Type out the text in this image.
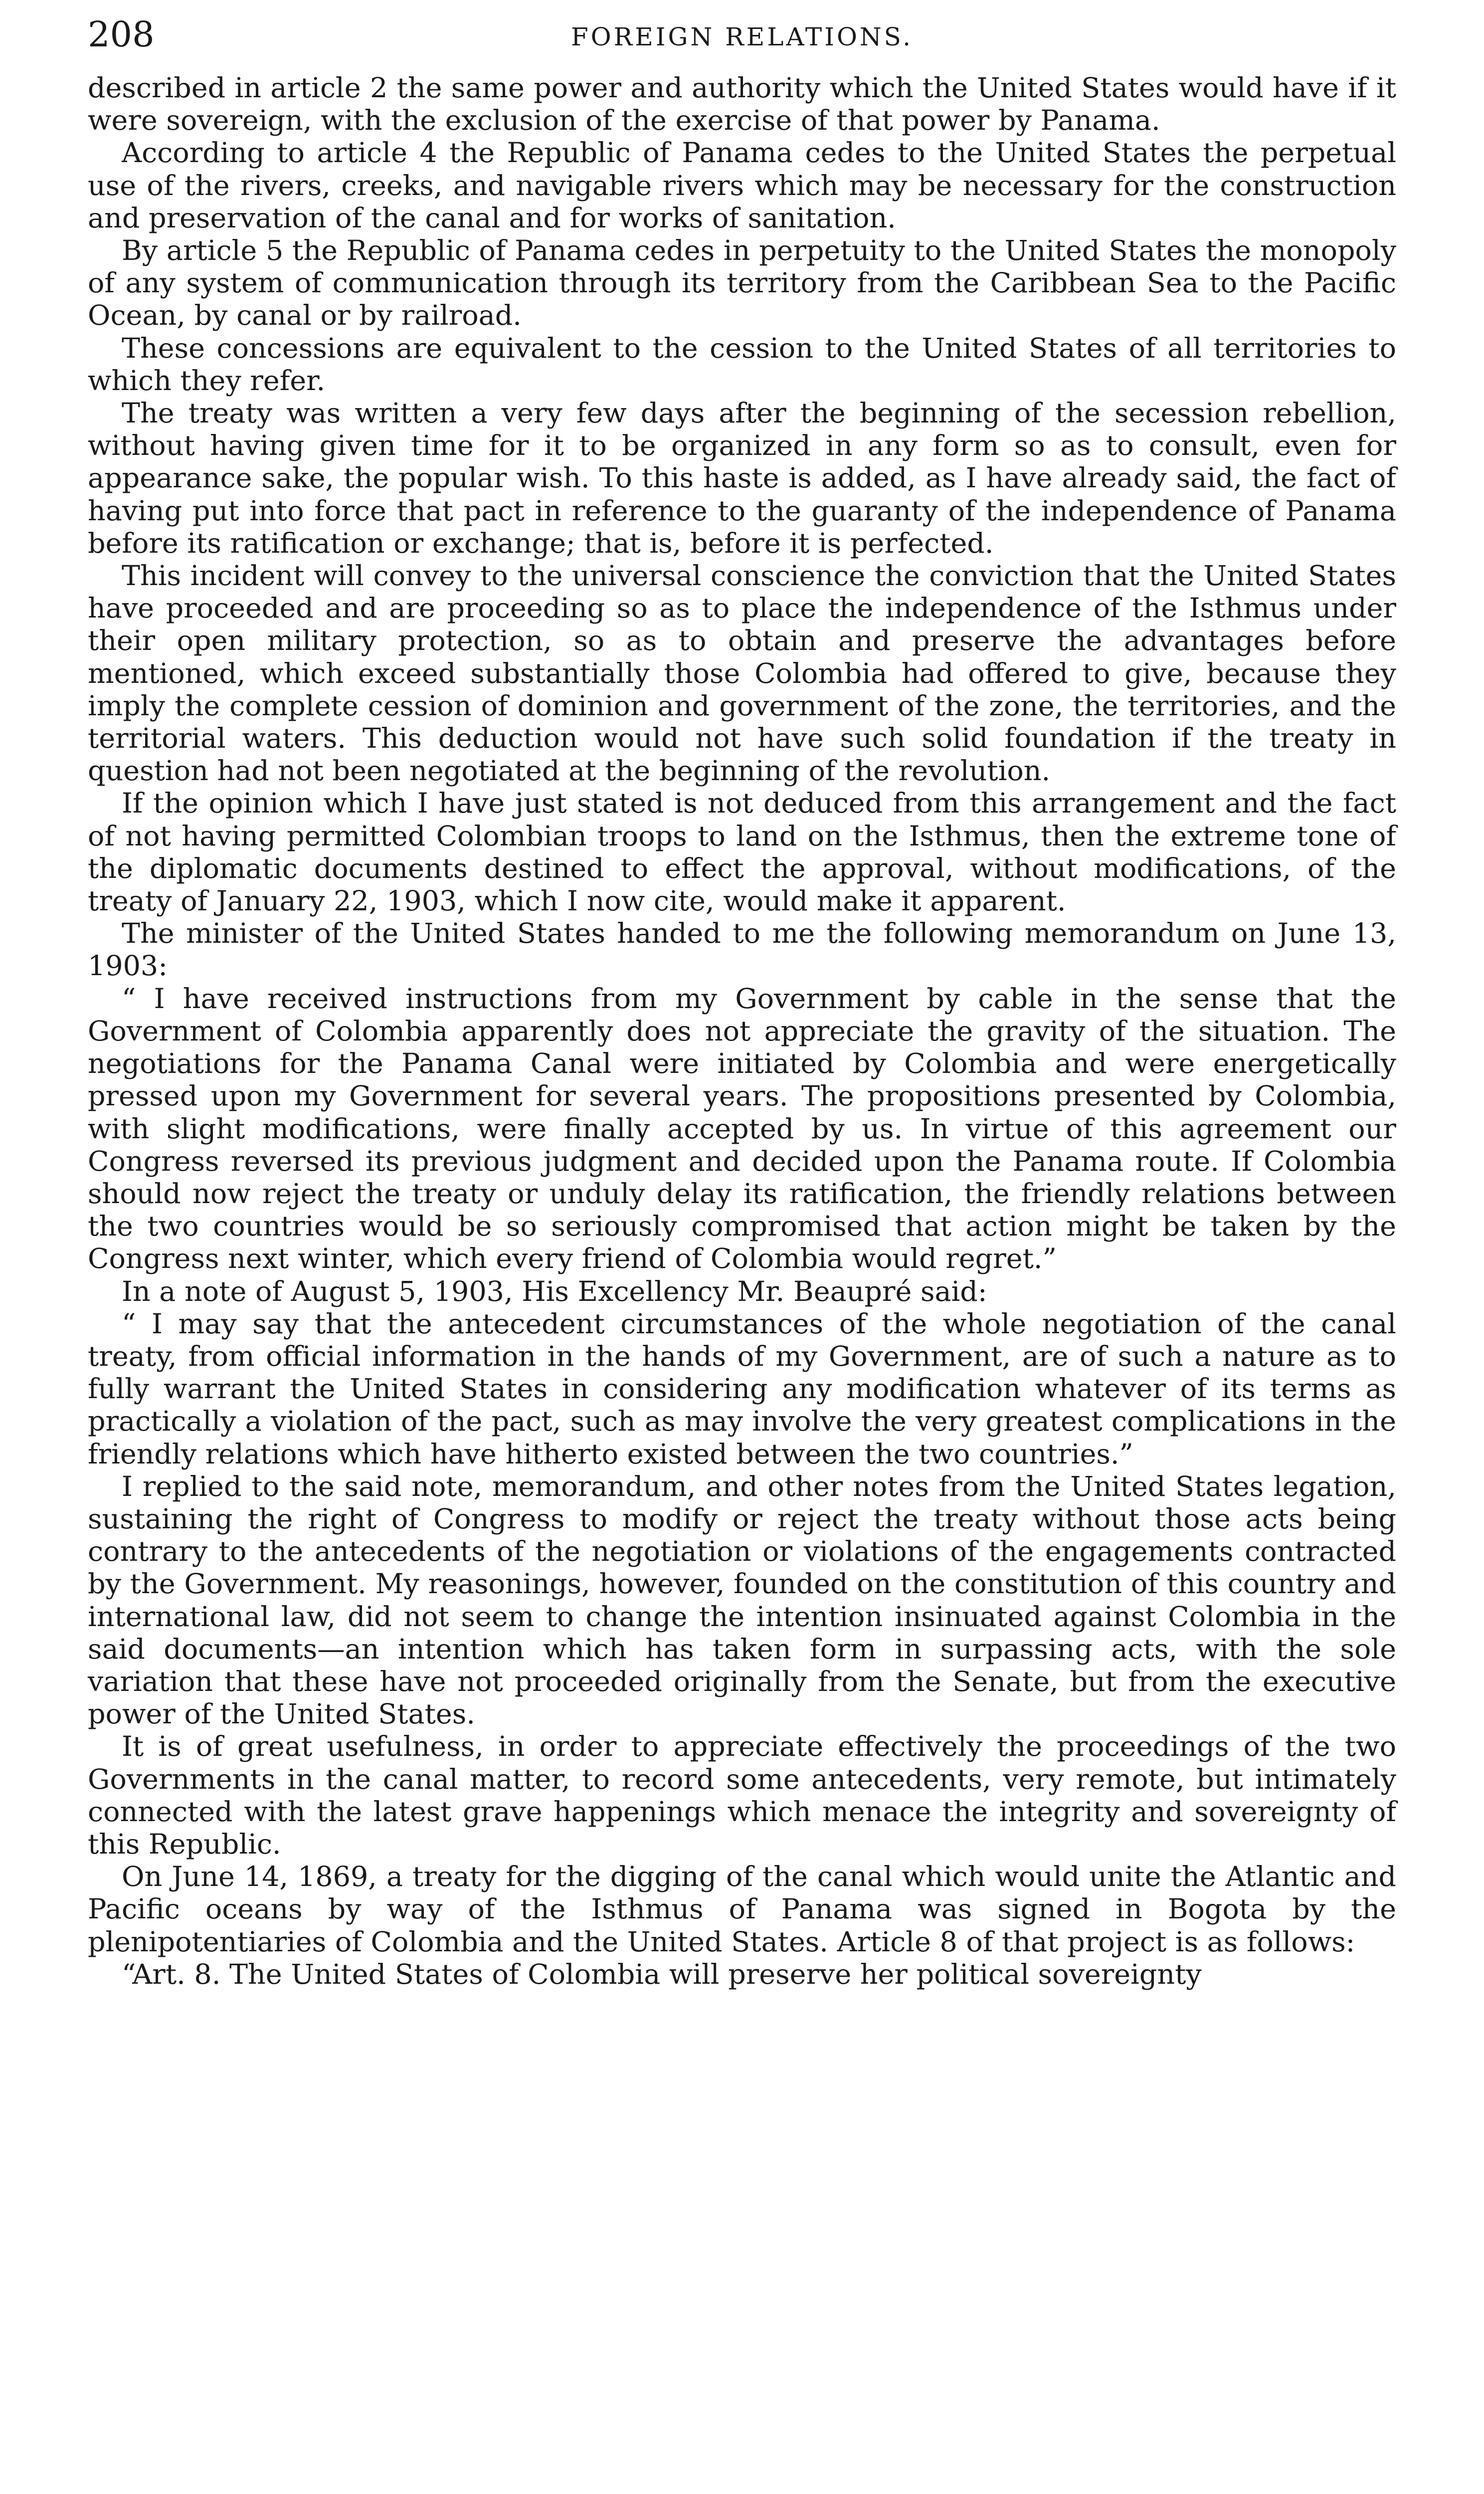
208	FOREIGN RELATIONS.

described in article 2 the same power and authority which the United States would have if it were sovereign, with the exclusion of the exercise of that power by Panama.

According to article 4 the Republic of Panama cedes to the United States the perpetual use of the rivers, creeks, and navigable rivers which may be necessary for the construction and preservation of the canal and for works of sanitation.

By article 5 the Republic of Panama cedes in perpetuity to the United States the monopoly of any system of communication through its territory from the Caribbean Sea to the Pacific Ocean, by canal or by railroad.

These concessions are equivalent to the cession to the United States of all territories to which they refer.

The treaty was written a very few days after the beginning of the secession rebellion, without having given time for it to be organized in any form so as to consult, even for appearance sake, the popular wish. To this haste is added, as I have already said, the fact of having put into force that pact in reference to the guaranty of the independence of Panama before its ratification or exchange; that is, before it is perfected.

This incident will convey to the universal conscience the conviction that the United States have proceeded and are proceeding so as to place the independence of the Isthmus under their open military protection, so as to obtain and preserve the advantages before mentioned, which exceed substantially those Colombia had offered to give, because they imply the complete cession of dominion and government of the zone, the territories, and the territorial waters. This deduction would not have such solid foundation if the treaty in question had not been negotiated at the beginning of the revolution.

If the opinion which I have just stated is not deduced from this arrangement and the fact of not having permitted Colombian troops to land on the Isthmus, then the extreme tone of the diplomatic documents destined to effect the approval, without modifications, of the treaty of January 22, 1903, which I now cite, would make it apparent.

The minister of the United States handed to me the following memorandum on June 13, 1903:

“ I have received instructions from my Government by cable in the sense that the Government of Colombia apparently does not appreciate the gravity of the situation. The negotiations for the Panama Canal were initiated by Colombia and were energetically pressed upon my Government for several years. The propositions presented by Colombia, with slight modifications, were finally accepted by us. In virtue of this agreement our Congress reversed its previous judgment and decided upon the Panama route. If Colombia should now reject the treaty or unduly delay its ratification, the friendly relations between the two countries would be so seriously compromised that action might be taken by the Congress next winter, which every friend of Colombia would regret.”

In a note of August 5, 1903, His Excellency Mr. Beaupré said:

“ I may say that the antecedent circumstances of the whole negotiation of the canal treaty, from official information in the hands of my Government, are of such a nature as to fully warrant the United States in considering any modification whatever of its terms as practically a violation of the pact, such as may involve the very greatest complications in the friendly relations which have hitherto existed between the two countries.”

I replied to the said note, memorandum, and other notes from the United States legation, sustaining the right of Congress to modify or reject the treaty without those acts being contrary to the antecedents of the negotiation or violations of the engagements contracted by the Government. My reasonings, however, founded on the constitution of this country and international law, did not seem to change the intention insinuated against Colombia in the said documents—an intention which has taken form in surpassing acts, with the sole variation that these have not proceeded originally from the Senate, but from the executive power of the United States.

It is of great usefulness, in order to appreciate effectively the proceedings of the two Governments in the canal matter, to record some antecedents, very remote, but intimately connected with the latest grave happenings which menace the integrity and sovereignty of this Republic.

On June 14, 1869, a treaty for the digging of the canal which would unite the Atlantic and Pacific oceans by way of the Isthmus of Panama was signed in Bogota by the plenipotentiaries of Colombia and the United States. Article 8 of that project is as follows:

“Art. 8. The United States of Colombia will preserve her political sovereignty
